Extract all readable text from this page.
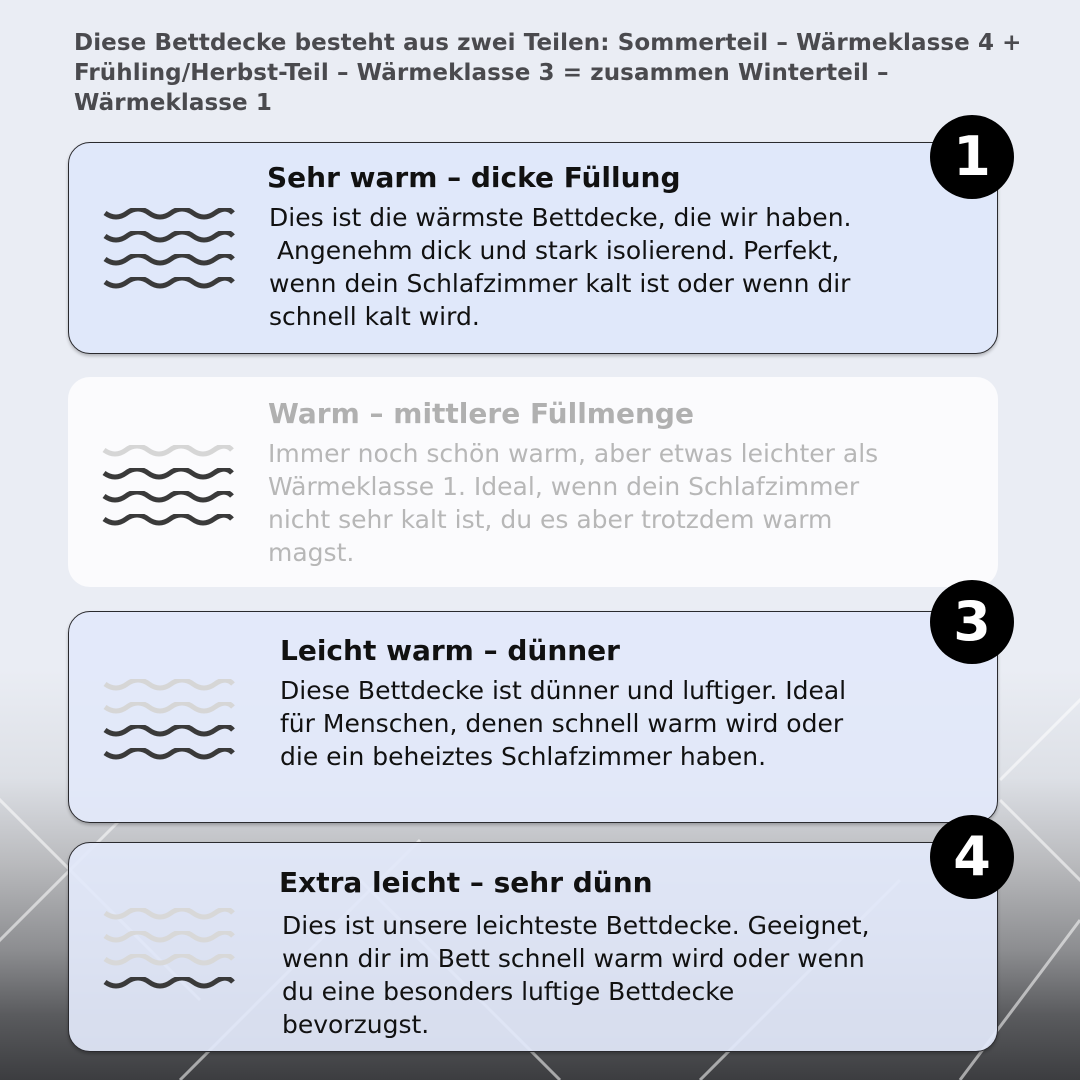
Diese Bettdecke besteht aus zwei Teilen: Sommerteil – Wärmeklasse 4 + Frühling/Herbst-Teil – Wärmeklasse 3 = zusammen Winterteil – Wärmeklasse 1
Sehr warm – dicke Füllung
Dies ist die wärmste Bettdecke, die wir haben.
Angenehm dick und stark isolierend. Perfekt,
wenn dein Schlafzimmer kalt ist oder wenn dir
schnell kalt wird.
1
Warm – mittlere Füllmenge
Immer noch schön warm, aber etwas leichter als
Wärmeklasse 1. Ideal, wenn dein Schlafzimmer
nicht sehr kalt ist, du es aber trotzdem warm
magst.
Leicht warm – dünner
Diese Bettdecke ist dünner und luftiger. Ideal
für Menschen, denen schnell warm wird oder
die ein beheiztes Schlafzimmer haben.
3
Extra leicht – sehr dünn
Dies ist unsere leichteste Bettdecke. Geeignet,
wenn dir im Bett schnell warm wird oder wenn
du eine besonders luftige Bettdecke
bevorzugst.
4
